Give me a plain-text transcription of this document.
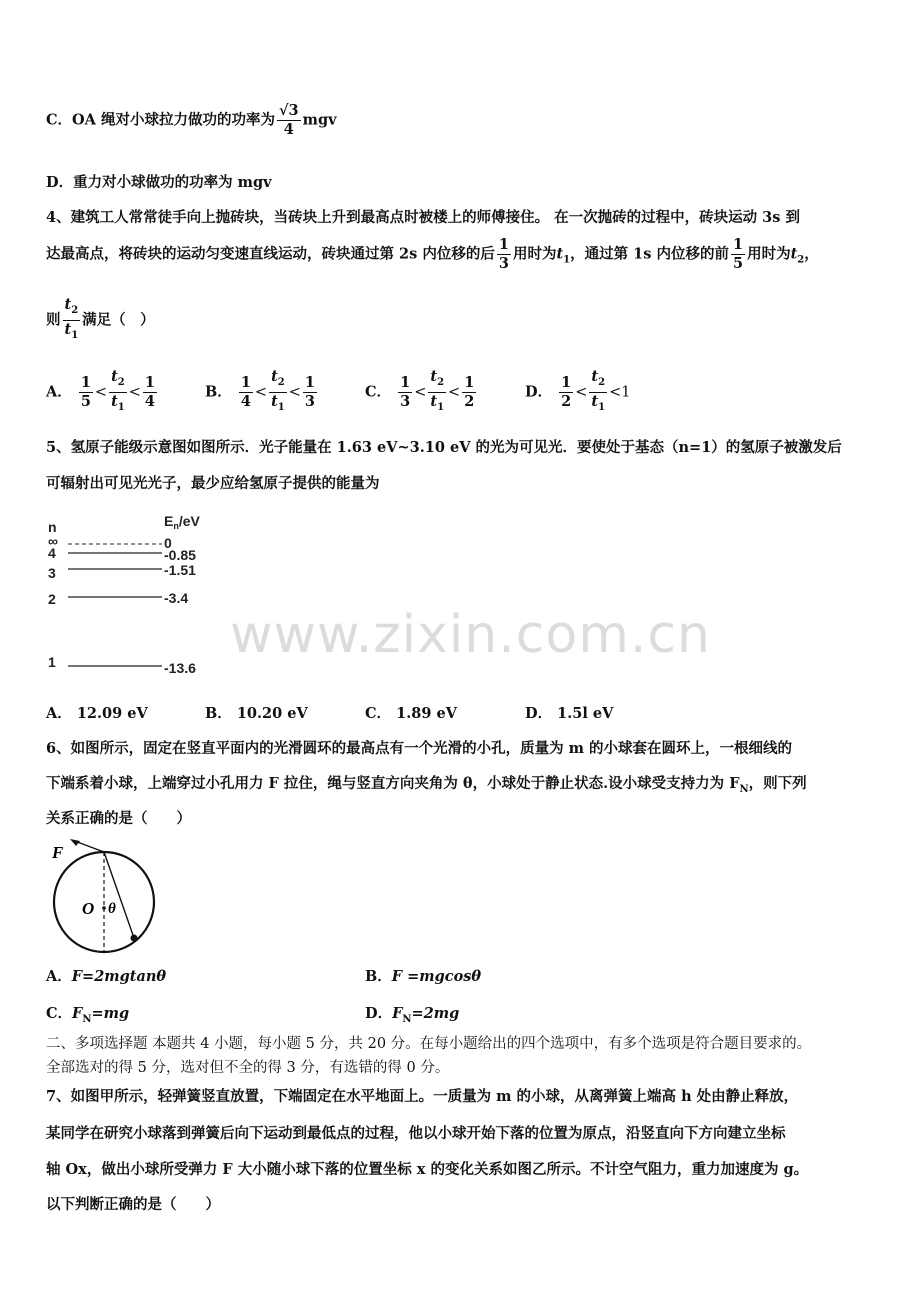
C．OA 绳对小球拉力做功的功率为 $\frac{√3}{4}$ mgv
D．重力对小球做功的功率为 mgv
4、建筑工人常常徒手向上抛砖块，当砖块上升到最高点时被楼上的师傅接住。 在一次抛砖的过程中，砖块运动 3s 到
达最高点，将砖块的运动匀变速直线运动，砖块通过第 2s 内位移的后 $\frac{1}{3}$ 用时为$t_1$，通过第 1s 内位移的前 $\frac{1}{5}$ 用时为$t_2$，
则 $\frac{t_2}{t_1}$ 满足（　）
A． $\frac{1}{5} < \frac{t_2}{t_1} < \frac{1}{4}$	B． $\frac{1}{4} < \frac{t_2}{t_1} < \frac{1}{3}$	C． $\frac{1}{3} < \frac{t_2}{t_1} < \frac{1}{2}$	D． $\frac{1}{2} < \frac{t_2}{t_1} <1$
5、氢原子能级示意图如图所示．光子能量在 1.63 eV~3.10 eV 的光为可见光．要使处于基态（n=1）的氢原子被激发后
可辐射出可见光光子，最少应给氢原子提供的能量为
n	$E_n/eV$
∞	0
4	-0.85
3	-1.51
2	-3.4
1	-13.6
www.zixin.com.cn
A． 12.09 eV	B． 10.20 eV	C． 1.89 eV	D． 1.5l eV
6、如图所示，固定在竖直平面内的光滑圆环的最高点有一个光滑的小孔，质量为 m 的小球套在圆环上，一根细线的
下端系着小球，上端穿过小孔用力 F 拉住，绳与竖直方向夹角为 θ，小球处于静止状态.设小球受支持力为 $F_N$，则下列
关系正确的是（　　）
F
O θ
A．F=2mgtanθ	B．F =mgcosθ
C．$F_N=mg$	D．$F_N=2mg$
二、多项选择题 本题共 4 小题，每小题 5 分，共 20 分。在每小题给出的四个选项中，有多个选项是符合题目要求的。
全部选对的得 5 分，选对但不全的得 3 分，有选错的得 0 分。
7、如图甲所示，轻弹簧竖直放置，下端固定在水平地面上。一质量为 m 的小球，从离弹簧上端高 h 处由静止释放，
某同学在研究小球落到弹簧后向下运动到最低点的过程，他以小球开始下落的位置为原点，沿竖直向下方向建立坐标
轴 Ox，做出小球所受弹力 F 大小随小球下落的位置坐标 x 的变化关系如图乙所示。不计空气阻力，重力加速度为 g。
以下判断正确的是（　　）
